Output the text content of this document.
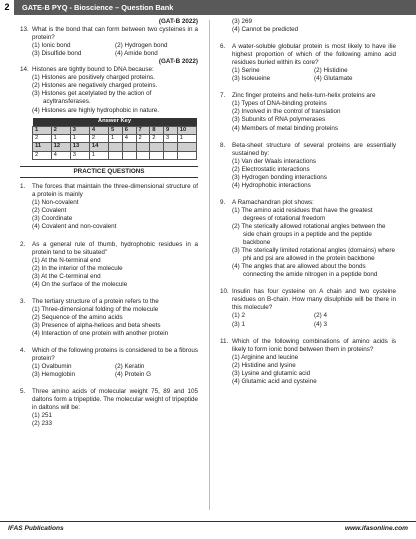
2	GATE-B PYQ - Bioscience – Question Bank

(GAT-B 2022)

13. What is the bond that can form between two cysteines in a protein?
(1) Ionic bond	(2) Hydrogen bond
(3) Disulfide bond	(4) Amide bond

(GAT-B 2022)

14. Histones are tightly bound to DNA because:

(1) Histones are positively charged proteins.

(2) Histones are negatively charged proteins.

(3) Histones get acetylated by the action of acyltransferases.

(4) Histones are highly hydrophobic in nature.

Answer Key									
1	2	3	4	5	6	7	8	9	10
2	1	1	2	1	4	2	2	3	1
11	12	13	14						
2	4	3	1						
PRACTICE QUESTIONS
1. The forces that maintain the three-dimensional structure of a protein is mainly

(1) Non-covalent

(2) Covalent

(3) Coordinate

(4) Covalent and non-covalent

2. As a general rule of thumb, hydrophobic residues in a protein tend to be situated”

(1) At the N-terminal end

(2) In the interior of the molecule

(3) At the C-terminal end

(4) On the surface of the molecule

3. The tertiary structure of a protein refers to the

(1) Three-dimensional folding of the molecule

(2) Sequence of the amino acids

(3) Presence of alpha-helices and beta sheets

(4) Interaction of one protein with another protein

4. Which of the following proteins is considered to be a fibrous protein?
(1) Ovalbumin	(2) Keratin
(3) Hemoglobin	(4) Protein G
5. Three amino acids of molecular weight 75, 89 and 105 daltons form a tripeptide. The molecular weight of tripeptide in daltons will be:

(1) 251

(2) 233

(3) 269

(4) Cannot be predicted

6. A water-soluble globular protein is most likely to have ilie highest proportion of which of the following amino acid residues buried within its core?
(1) Serine	(2) Histidine
(3) Isoleueine	(4) Glutamate
7. Zinc finger proteins and helix-turn-helix proteins are

(1) Types of DNA-binding proteins

(2) Involved in the control of translation

(3) Subunits of RNA polymerases

(4) Members of metal binding proteins

8. Beta-sheet structure of several proteins are essentially sustained by:

(1) Van der Waals interactions

(2) Electrostatic interactions

(3) Hydrogen bonding interactions

(4) Hydrophobic interactions

9. A Ramachandran plot shows:

(1) The amino acid residues that have the greatest degrees of rotational freedom

(2) The sterically allowed rotational angles between the side chain groups in a peptide and the peptide backbone

(3) The sterically limited rotational angles (domains) where phi and psi are allowed in the protein backbone

(4) The angles that are allowed about the bonds connecting the amide nitrogen in a peptide bond

10. Insulin has four cysteine on A chain and two cysteine residues on B-chain. How many disulphide will be there in this molecule?
(1) 2	(2) 4
(3) 1	(4) 3
11. Which of the following combinations of amino acids is likely to form ionic bond between them in proteins?

(1) Arginine and leucine

(2) Histidine and lysine

(3) Lysine and glutamic acid

(4) Glutamic acid and cysteine

IFAS Publications	www.ifasonline.com
